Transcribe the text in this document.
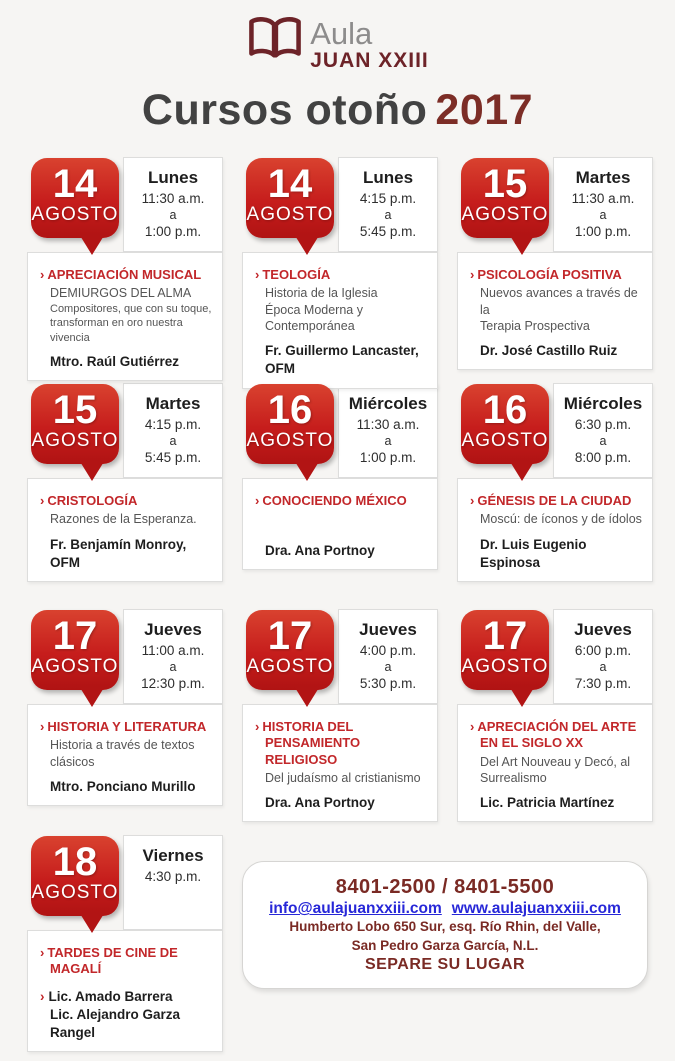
Aula
JUAN XXIII
Cursos otoño 2017
Lunes
11:30 a.m.
a
1:00 p.m.
14
AGOSTO
› APRECIACIÓN MUSICAL
DEMIURGOS DEL ALMA
Compositores, que con su toque,
transforman en oro nuestra vivencia
Mtro. Raúl Gutiérrez
Lunes
4:15 p.m.
a
5:45 p.m.
14
AGOSTO
› TEOLOGÍA
Historia de la Iglesia
Época Moderna y Contemporánea
Fr. Guillermo Lancaster, OFM
Martes
11:30 a.m.
a
1:00 p.m.
15
AGOSTO
› PSICOLOGÍA POSITIVA
Nuevos avances a través de la
Terapia Prospectiva
Dr. José Castillo Ruiz
Martes
4:15 p.m.
a
5:45 p.m.
15
AGOSTO
› CRISTOLOGÍA
Razones de la Esperanza.
Fr. Benjamín Monroy, OFM
Miércoles
11:30 a.m.
a
1:00 p.m.
16
AGOSTO
› CONOCIENDO MÉXICO
Dra. Ana Portnoy
Miércoles
6:30 p.m.
a
8:00 p.m.
16
AGOSTO
› GÉNESIS DE LA CIUDAD
Moscú: de íconos y de ídolos
Dr. Luis Eugenio Espinosa
Jueves
11:00 a.m.
a
12:30 p.m.
17
AGOSTO
› HISTORIA Y LITERATURA
Historia a través de textos
clásicos
Mtro. Ponciano Murillo
Jueves
4:00 p.m.
a
5:30 p.m.
17
AGOSTO
› HISTORIA DEL PENSAMIENTO RELIGIOSO
Del judaísmo al cristianismo
Dra. Ana Portnoy
Jueves
6:00 p.m.
a
7:30 p.m.
17
AGOSTO
› APRECIACIÓN DEL ARTE EN EL SIGLO XX
Del Art Nouveau y Decó, al
Surrealismo
Lic. Patricia Martínez
Viernes
4:30 p.m.
18
AGOSTO
› TARDES DE CINE DE MAGALÍ
› Lic. Amado Barrera
Lic. Alejandro Garza Rangel
8401-2500 / 8401-5500
info@aulajuanxxiii.com www.aulajuanxxiii.com
Humberto Lobo 650 Sur, esq. Río Rhin, del Valle,
San Pedro Garza García, N.L.
SEPARE SU LUGAR
